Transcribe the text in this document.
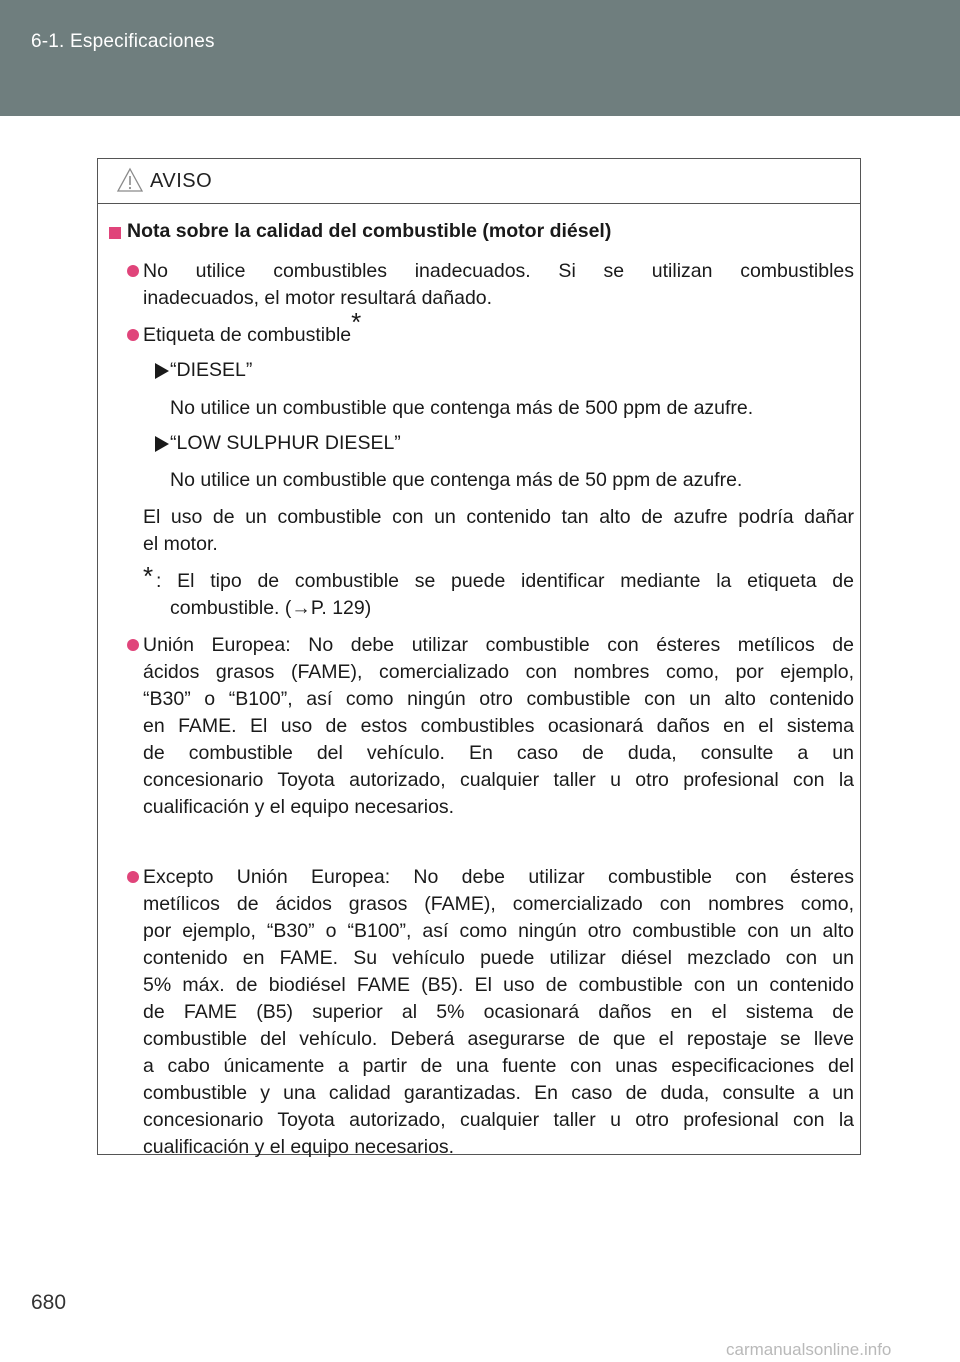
6-1. Especificaciones
AVISO
Nota sobre la calidad del combustible (motor diésel)
No utilice combustibles inadecuados. Si se utilizan combustibles
inadecuados, el motor resultará dañado.
Etiqueta de combustible*
“DIESEL”
No utilice un combustible que contenga más de 500 ppm de azufre.
“LOW SULPHUR DIESEL”
No utilice un combustible que contenga más de 50 ppm de azufre.
El uso de un combustible con un contenido tan alto de azufre podría dañar
el motor.
* : El tipo de combustible se puede identificar mediante la etiqueta de
combustible. (→P. 129)
Unión Europea: No debe utilizar combustible con ésteres metílicos de
ácidos grasos (FAME), comercializado con nombres como, por ejemplo,
“B30” o “B100”, así como ningún otro combustible con un alto contenido
en FAME. El uso de estos combustibles ocasionará daños en el sistema
de combustible del vehículo. En caso de duda, consulte a un
concesionario Toyota autorizado, cualquier taller u otro profesional con la
cualificación y el equipo necesarios.
Excepto Unión Europea: No debe utilizar combustible con ésteres
metílicos de ácidos grasos (FAME), comercializado con nombres como,
por ejemplo, “B30” o “B100”, así como ningún otro combustible con un alto
contenido en FAME. Su vehículo puede utilizar diésel mezclado con un
5% máx. de biodiésel FAME (B5). El uso de combustible con un contenido
de FAME (B5) superior al 5% ocasionará daños en el sistema de
combustible del vehículo. Deberá asegurarse de que el repostaje se lleve
a cabo únicamente a partir de una fuente con unas especificaciones del
combustible y una calidad garantizadas. En caso de duda, consulte a un
concesionario Toyota autorizado, cualquier taller u otro profesional con la
cualificación y el equipo necesarios.
680
carmanualsonline.info
